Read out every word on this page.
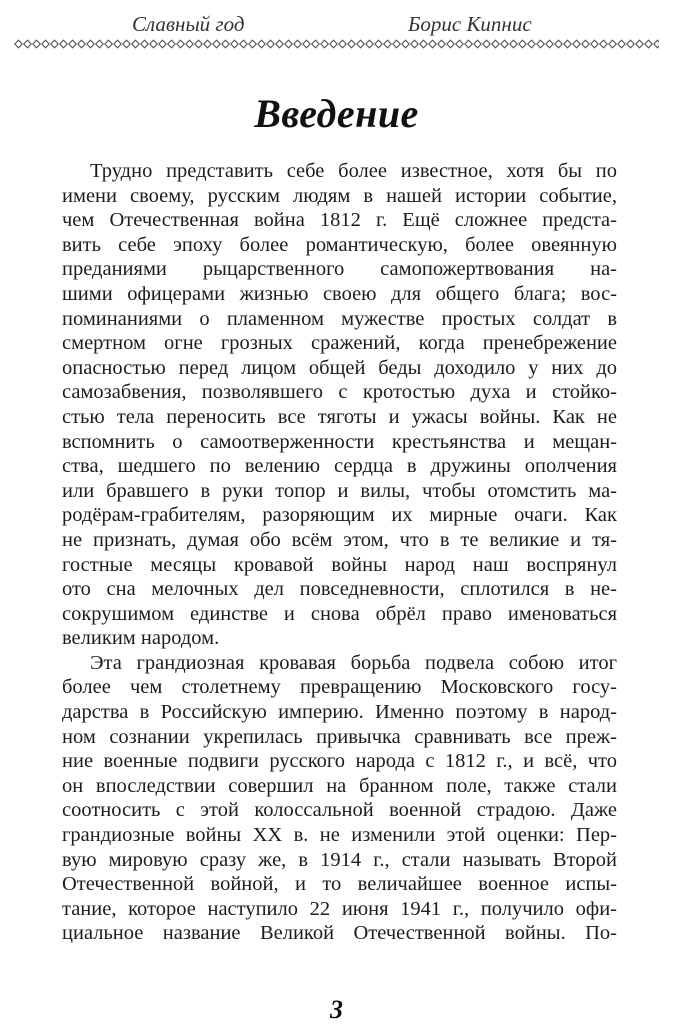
Славный год	Борис Кипнис
Введение
Трудно представить себе более известное, хотя бы по
имени своему, русским людям в нашей истории событие,
чем Отечественная война 1812 г. Ещё сложнее предста-
вить себе эпоху более романтическую, более овеянную
преданиями рыцарственного самопожертвования на-
шими офицерами жизнью своею для общего блага; вос-
поминаниями о пламенном мужестве простых солдат в
смертном огне грозных сражений, когда пренебрежение
опасностью перед лицом общей беды доходило у них до
самозабвения, позволявшего с кротостью духа и стойко-
стью тела переносить все тяготы и ужасы войны. Как не
вспомнить о самоотверженности крестьянства и мещан-
ства, шедшего по велению сердца в дружины ополчения
или бравшего в руки топор и вилы, чтобы отомстить ма-
родёрам-грабителям, разоряющим их мирные очаги. Как
не признать, думая обо всём этом, что в те великие и тя-
гостные месяцы кровавой войны народ наш воспрянул
ото сна мелочных дел повседневности, сплотился в не-
сокрушимом единстве и снова обрёл право именоваться
великим народом.
Эта грандиозная кровавая борьба подвела собою итог
более чем столетнему превращению Московского госу-
дарства в Российскую империю. Именно поэтому в народ-
ном сознании укрепилась привычка сравнивать все преж-
ние военные подвиги русского народа с 1812 г., и всё, что
он впоследствии совершил на бранном поле, также стали
соотносить с этой колоссальной военной страдою. Даже
грандиозные войны XX в. не изменили этой оценки: Пер-
вую мировую сразу же, в 1914 г., стали называть Второй
Отечественной войной, и то величайшее военное испы-
тание, которое наступило 22 июня 1941 г., получило офи-
циальное название Великой Отечественной войны. По-
3
